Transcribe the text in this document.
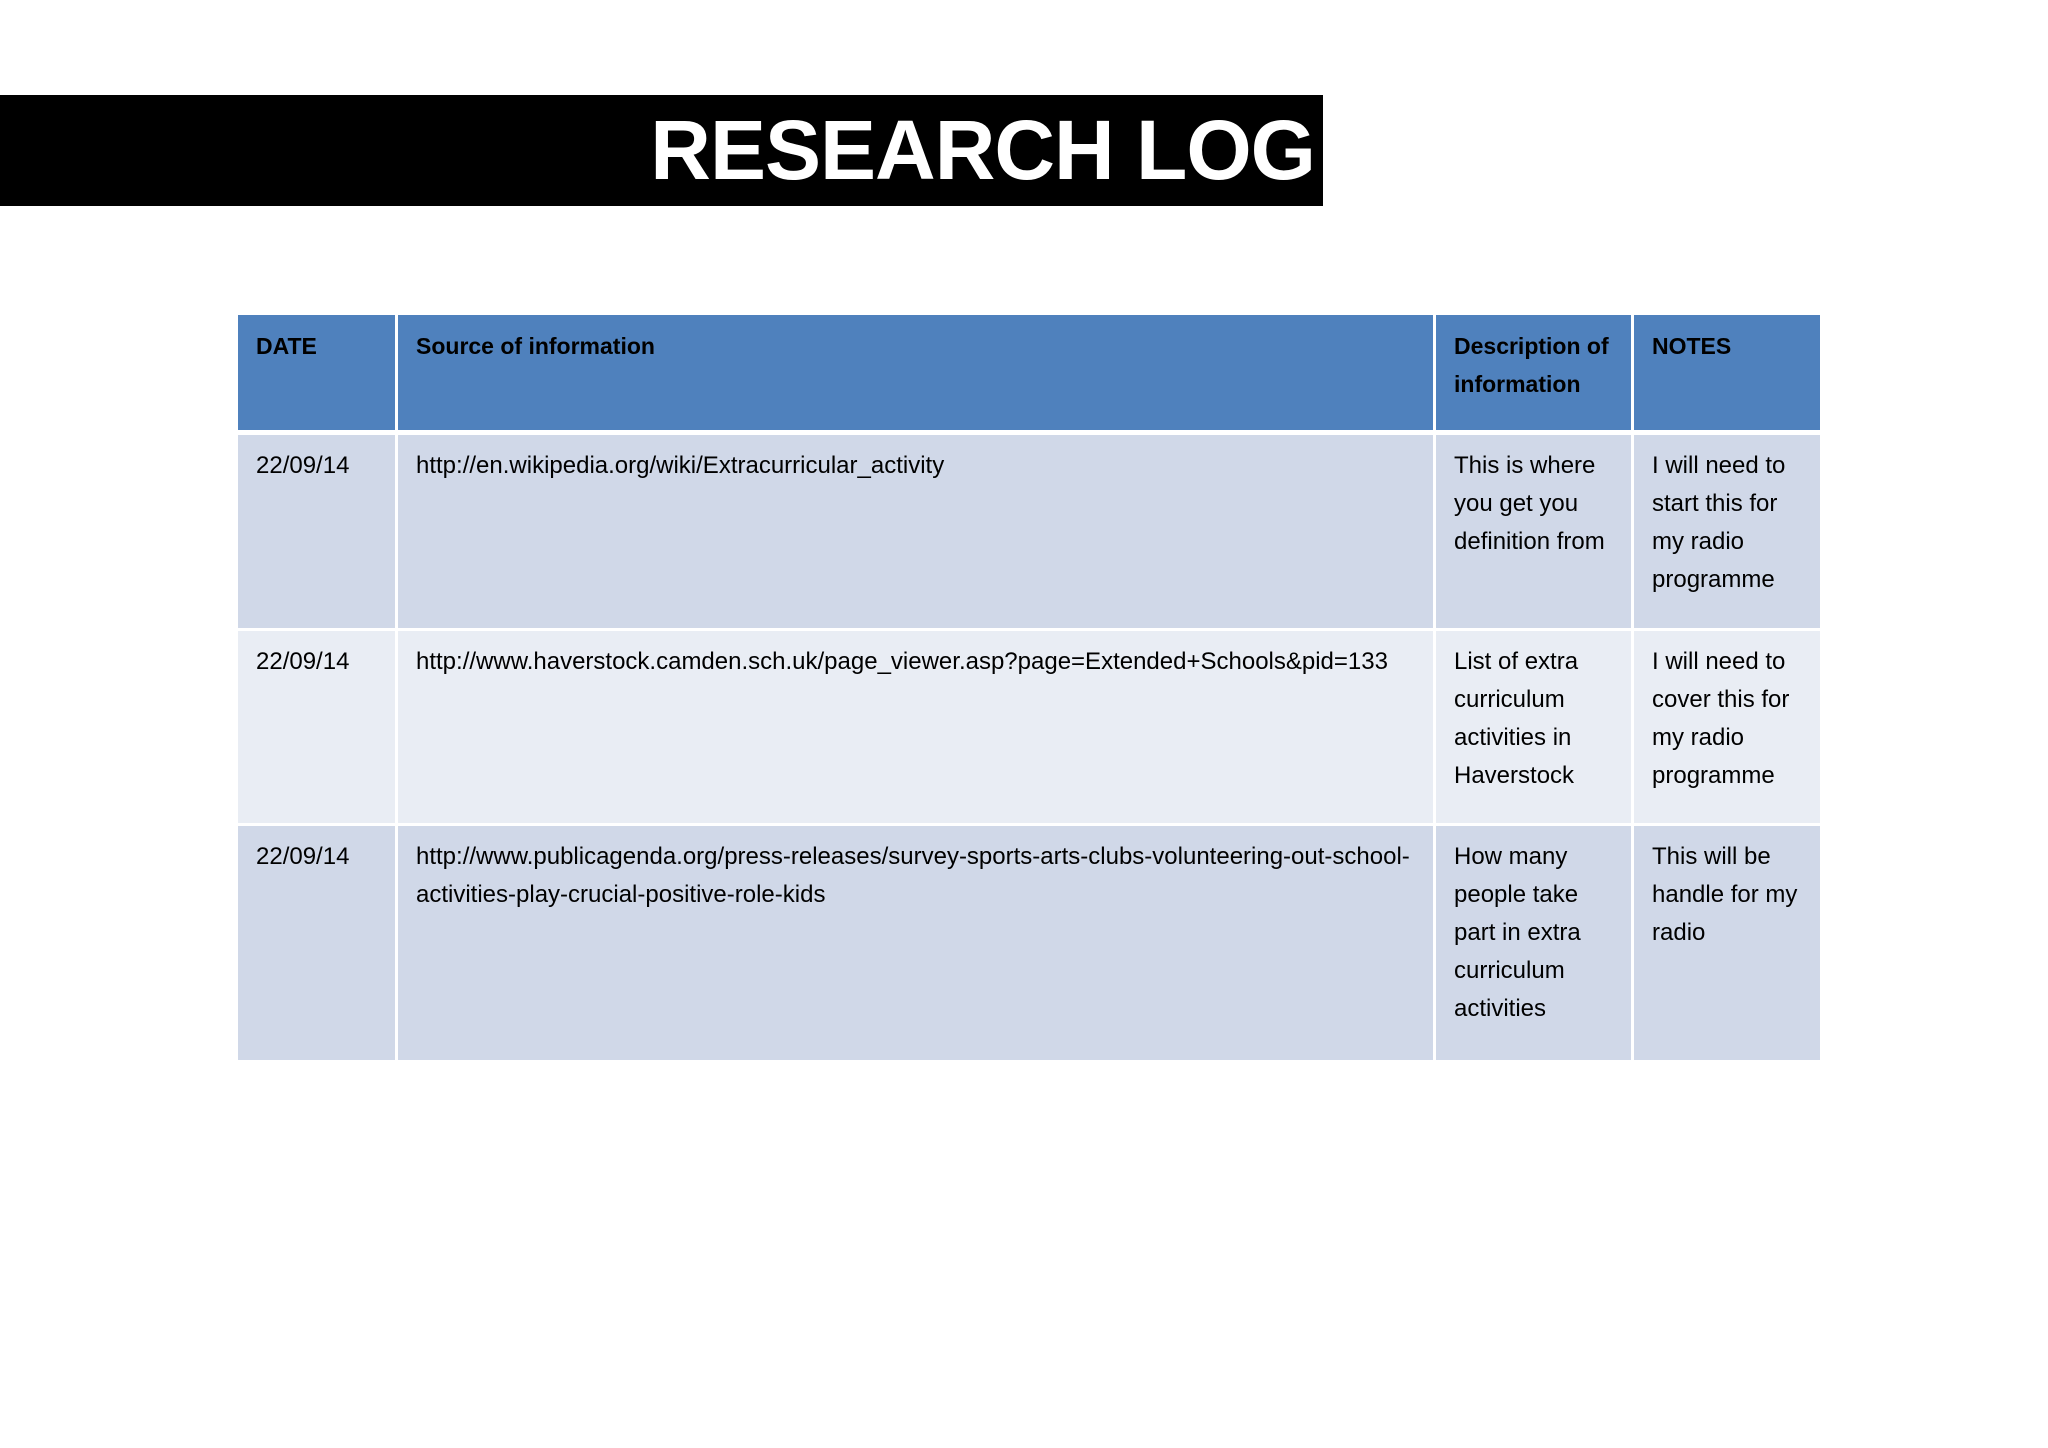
RESEARCH LOG
DATE	Source of information	Description of information	NOTES
22/09/14	http://en.wikipedia.org/wiki/Extracurricular_activity	This is where you get you definition from	I will need to start this for my radio programme
22/09/14	http://www.haverstock.camden.sch.uk/page_viewer.asp?page=Extended+Schools&pid=133	List of extra curriculum activities in Haverstock	I will need to cover this for my radio programme
22/09/14	http://www.publicagenda.org/press-releases/survey-sports-arts-clubs-volunteering-out-school-activities-play-crucial-positive-role-kids	How many people take part in extra curriculum activities	This will be handle for my radio
